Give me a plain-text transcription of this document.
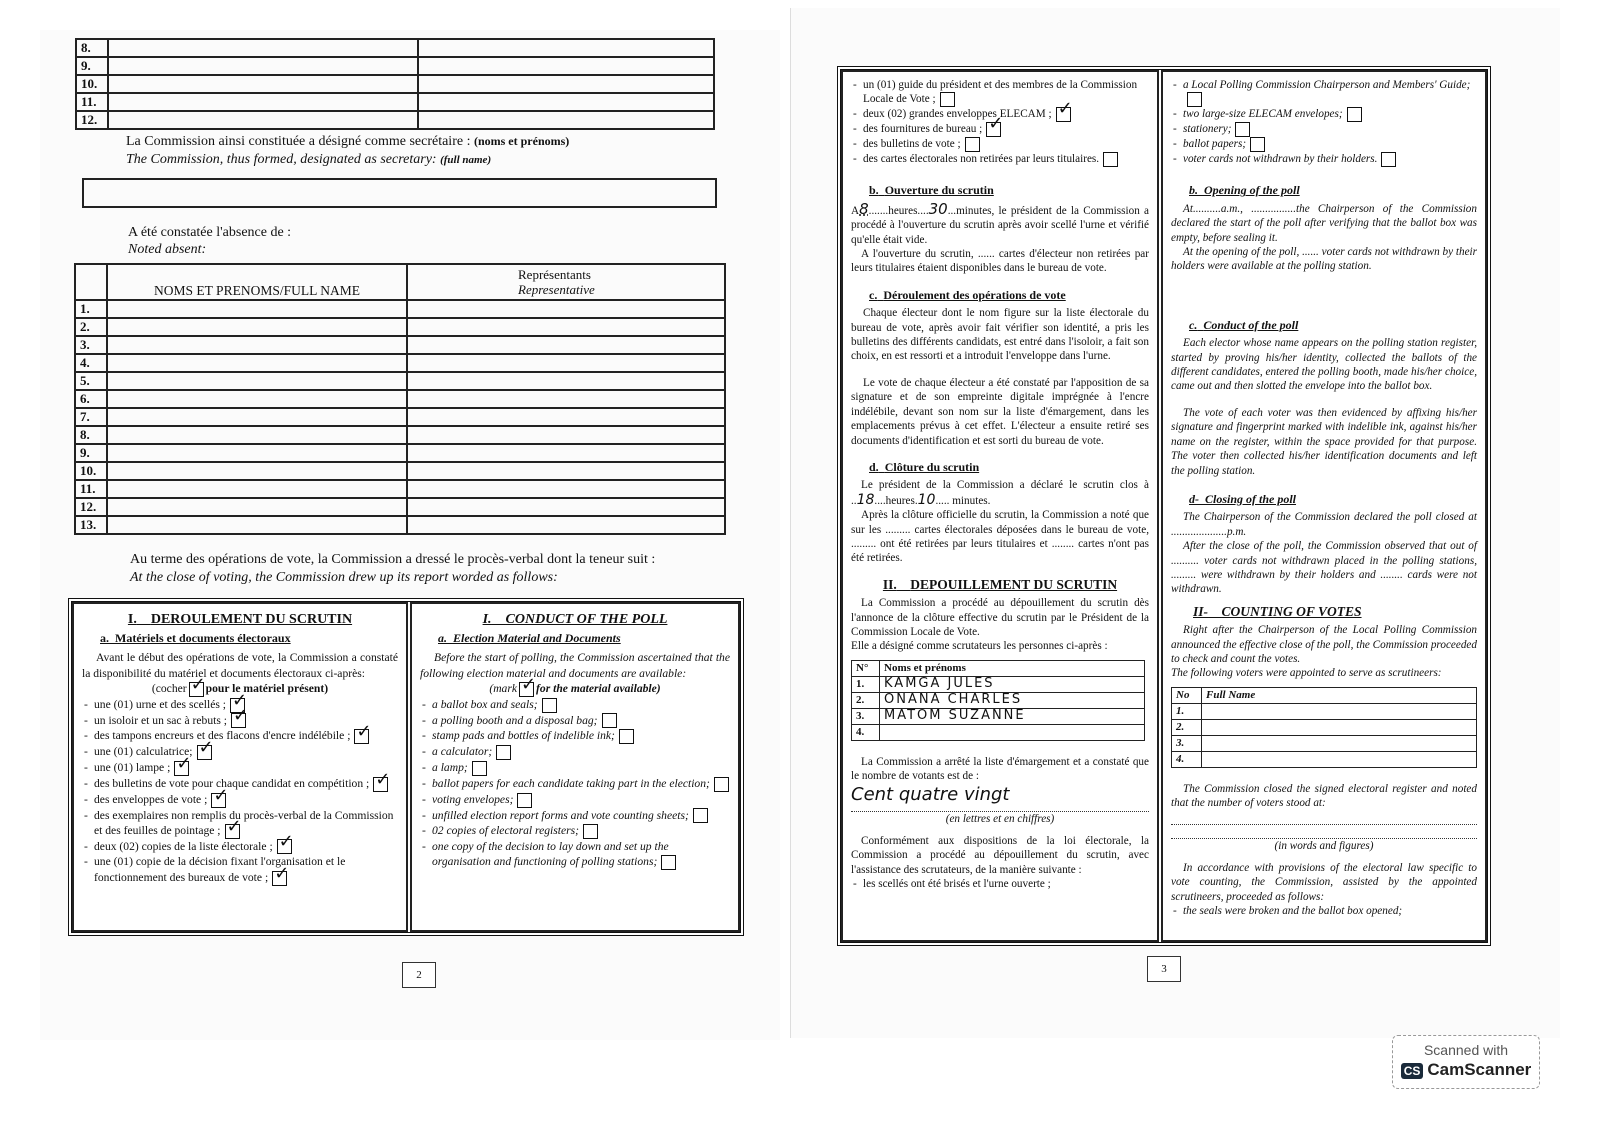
8.		
9.		
10.		
11.		
12.		
La Commission ainsi constituée a désigné comme secrétaire : (noms et prénoms)
The Commission, thus formed, designated as secretary: (full name)
A été constatée l'absence de :
Noted absent:
	NOMS ET PRENOMS/FULL NAME	Représentants
Representative

1.		
2.		
3.		
4.		
5.		
6.		
7.		
8.		
9.		
10.		
11.		
12.		
13.		
Au terme des opérations de vote, la Commission a dressé le procès-verbal dont la teneur suit :
At the close of voting, the Commission drew up its report worded as follows:
I. DEROULEMENT DU SCRUTIN
a. Matériels et documents électoraux

Avant le début des opérations de vote, la Commission a constaté la disponibilité du matériel et documents électoraux ci-après:

(cocher ✓ pour le matériel présent)

- une (01) urne et des scellés ;✓
- un isoloir et un sac à rebuts ;✓
- des tampons encreurs et des flacons d'encre indélébile ;✓
- une (01) calculatrice;✓
- une (01) lampe ;✓
- des bulletins de vote pour chaque candidat en compétition ;✓
- des enveloppes de vote ;✓
- des exemplaires non remplis du procès-verbal de la Commission et des feuilles de pointage ;✓
- deux (02) copies de la liste électorale ;✓
- une (01) copie de la décision fixant l'organisation et le fonctionnement des bureaux de vote ;✓
I. CONDUCT OF THE POLL
a. Election Material and Documents

Before the start of polling, the Commission ascertained that the following election material and documents are available:

(mark ✓ for the material available)

- a ballot box and seals;
- a polling booth and a disposal bag;
- stamp pads and bottles of indelible ink;
- a calculator;
- a lamp;
- ballot papers for each candidate taking part in the election;
- voting envelopes;
- unfilled election report forms and vote counting sheets;
- 02 copies of electoral registers;
- one copy of the decision to lay down and set up the organisation and functioning of polling stations;
2
- un (01) guide du président et des membres de la Commission Locale de Vote ;
- deux (02) grandes enveloppes ELECAM ;✓
- des fournitures de bureau ;✓
- des bulletins de vote ;
- des cartes électorales non retirées par leurs titulaires.
b. Ouverture du scrutin

A8.......heures....30...minutes, le président de la Commission a procédé à l'ouverture du scrutin après avoir scellé l'urne et vérifié qu'elle était vide.

A l'ouverture du scrutin, ...... cartes d'électeur non retirées par leurs titulaires étaient disponibles dans le bureau de vote.

c. Déroulement des opérations de vote

Chaque électeur dont le nom figure sur la liste électorale du bureau de vote, après avoir fait vérifier son identité, a pris les bulletins des différents candidats, est entré dans l'isoloir, a fait son choix, en est ressorti et a introduit l'enveloppe dans l'urne.

Le vote de chaque électeur a été constaté par l'apposition de sa signature et de son empreinte digitale imprégnée à l'encre indélébile, devant son nom sur la liste d'émargement, dans les emplacements prévus à cet effet. L'électeur a ensuite retiré ses documents d'identification et est sorti du bureau de vote.

d. Clôture du scrutin

Le président de la Commission a déclaré le scrutin clos à ..18....heures.10..... minutes.

Après la clôture officielle du scrutin, la Commission a noté que sur les ......... cartes électorales déposées dans le bureau de vote, ......... ont été retirées par leurs titulaires et ........ cartes n'ont pas été retirées.

II. DEPOUILLEMENT DU SCRUTIN

La Commission a procédé au dépouillement du scrutin dès l'annonce de la clôture effective du scrutin par le Président de la Commission Locale de Vote.

Elle a désigné comme scrutateurs les personnes ci-après :

N°	Noms et prénoms
1.	KAMGA JULES
2.	ONANA CHARLES
3.	MATOM SUZANNE
4.	

La Commission a arrêté la liste d'émargement et a constaté que le nombre de votants est de :

Cent quatre vingt

(en lettres et en chiffres)

Conformément aux dispositions de la loi électorale, la Commission a procédé au dépouillement du scrutin, avec l'assistance des scrutateurs, de la manière suivante :

- les scellés ont été brisés et l'urne ouverte ;
- a Local Polling Commission Chairperson and Members' Guide;
- two large-size ELECAM envelopes;
- stationery;
- ballot papers;
- voter cards not withdrawn by their holders.
b. Opening of the poll

At..........a.m., ................the Chairperson of the Commission declared the start of the poll after verifying that the ballot box was empty, before sealing it.

At the opening of the poll, ...... voter cards not withdrawn by their holders were available at the polling station.

c. Conduct of the poll

Each elector whose name appears on the polling station register, started by proving his/her identity, collected the ballots of the different candidates, entered the polling booth, made his/her choice, came out and then slotted the envelope into the ballot box.

The vote of each voter was then evidenced by affixing his/her signature and fingerprint marked with indelible ink, against his/her name on the register, within the space provided for that purpose. The voter then collected his/her identification documents and left the polling station.

d- Closing of the poll

The Chairperson of the Commission declared the poll closed at ....................p.m.

After the close of the poll, the Commission observed that out of .......... voter cards not withdrawn placed in the polling stations, ......... were withdrawn by their holders and ........ cards were not withdrawn.

II- COUNTING OF VOTES

Right after the Chairperson of the Local Polling Commission announced the effective close of the poll, the Commission proceeded to check and count the votes.

The following voters were appointed to serve as scrutineers:

No	Full Name
1.	
2.	
3.	
4.	

The Commission closed the signed electoral register and noted that the number of voters stood at:

(in words and figures)

In accordance with provisions of the electoral law specific to vote counting, the Commission, assisted by the appointed scrutineers, proceeded as follows:

- the seals were broken and the ballot box opened;
3
Scanned with
CS CamScanner
